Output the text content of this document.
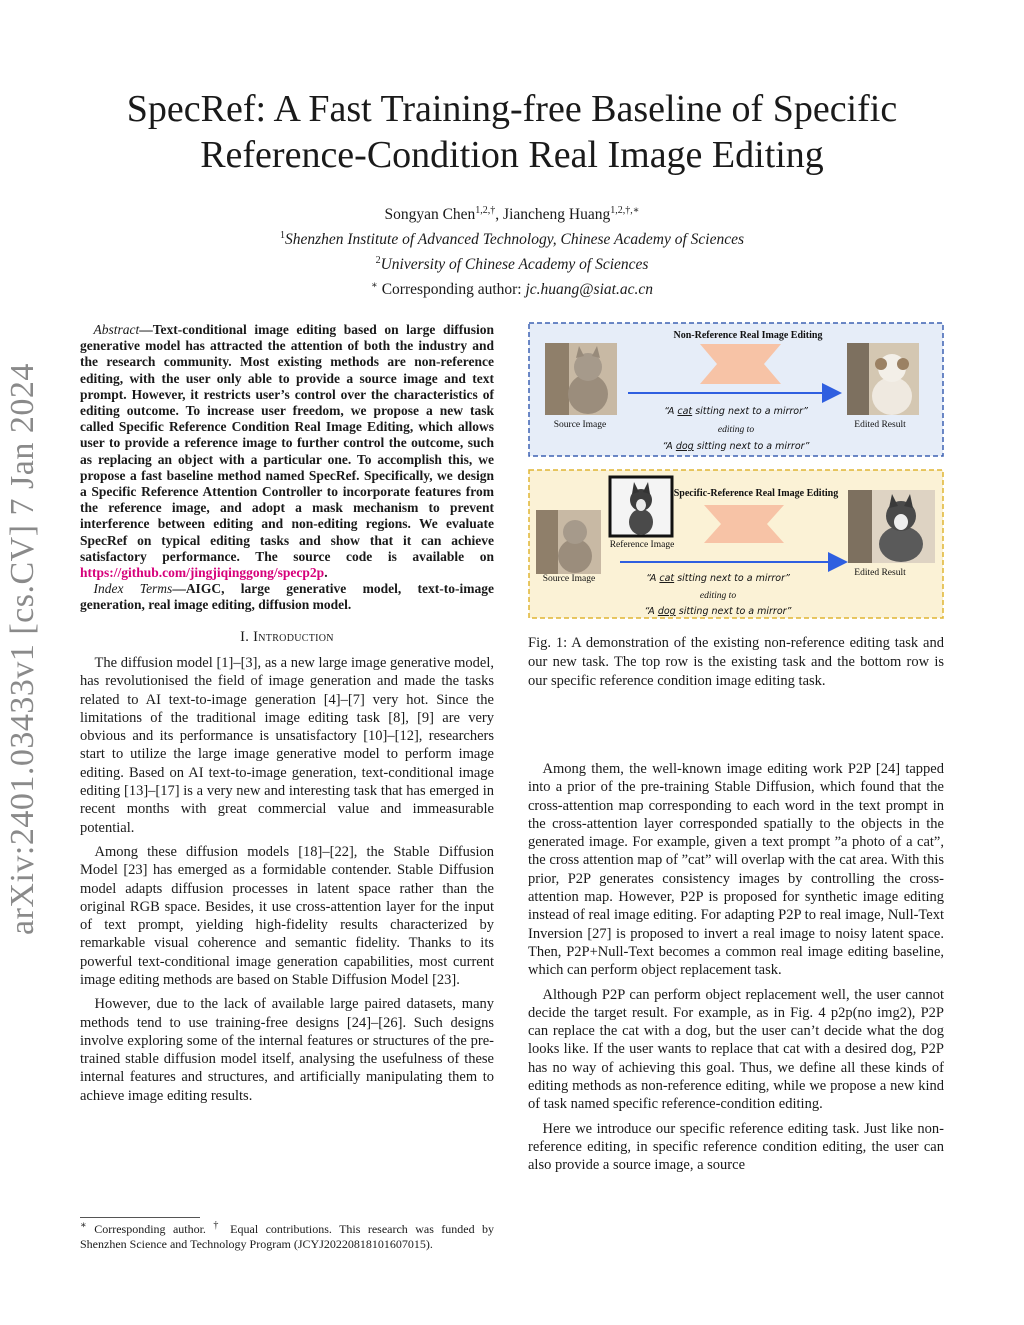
arXiv:2401.03433v1 [cs.CV] 7 Jan 2024
SpecRef: A Fast Training-free Baseline of Specific
Reference-Condition Real Image Editing
Songyan Chen$^{1,2,\dagger}$, Jiancheng Huang$^{1,2,\dagger,∗}$
$^1$Shenzhen Institute of Advanced Technology, Chinese Academy of Sciences
$^2$University of Chinese Academy of Sciences
∗ Corresponding author: jc.huang@siat.ac.cn

Abstract—Text-conditional image editing based on large diffusion generative model has attracted the attention of both the industry and the research community. Most existing methods are non-reference editing, with the user only able to provide a source image and text prompt. However, it restricts user’s control over the characteristics of editing outcome. To increase user freedom, we propose a new task called Specific Reference Condition Real Image Editing, which allows user to provide a reference image to further control the outcome, such as replacing an object with a particular one. To accomplish this, we propose a fast baseline method named SpecRef. Specifically, we design a Specific Reference Attention Controller to incorporate features from the reference image, and adopt a mask mechanism to prevent interference between editing and non-editing regions. We evaluate SpecRef on typical editing tasks and show that it can achieve satisfactory performance. The source code is available on https://github.com/jingjiqinggong/specp2p.

Index Terms—AIGC, large generative model, text-to-image generation, real image editing, diffusion model.

I. Introduction

The diffusion model [1]–[3], as a new large image generative model, has revolutionised the field of image generation and made the tasks related to AI text-to-image generation [4]–[7] very hot. Since the limitations of the traditional image editing task [8], [9] are very obvious and its performance is unsatisfactory [10]–[12], researchers start to utilize the large image generative model to perform image editing. Based on AI text-to-image generation, text-conditional image editing [13]–[17] is a very new and interesting task that has emerged in recent months with great commercial value and immeasurable potential.

Among these diffusion models [18]–[22], the Stable Diffusion Model [23] has emerged as a formidable contender. Stable Diffusion model adapts diffusion processes in latent space rather than the original RGB space. Besides, it use cross-attention layer for the input of text prompt, yielding high-fidelity results characterized by remarkable visual coherence and semantic fidelity. Thanks to its powerful text-conditional image generation capabilities, most current image editing methods are based on Stable Diffusion Model [23].

However, due to the lack of available large paired datasets, many methods tend to use training-free designs [24]–[26]. Such designs involve exploring some of the internal features or structures of the pre-trained stable diffusion model itself, analysing the usefulness of these internal features and structures, and artificially manipulating them to achieve image editing results.

∗ Corresponding author. † Equal contributions. This research was funded by Shenzhen Science and Technology Program (JCYJ20220818101607015).
Non-Reference Real Image Editing
Source Image	Edited Result
“A cat sitting next to a mirror”
editing to
“A dog sitting next to a mirror”
Specific-Reference Real Image Editing
Reference Image
Source Image
Edited Result
“A cat sitting next to a mirror”
editing to
“A dog sitting next to a mirror”
Fig. 1: A demonstration of the existing non-reference editing task and our new task. The top row is the existing task and the bottom row is our specific reference condition image editing task.

Among them, the well-known image editing work P2P [24] tapped into a prior of the pre-training Stable Diffusion, which found that the cross-attention map corresponding to each word in the text prompt in the cross-attention layer corresponded spatially to the objects in the generated image. For example, given a text prompt ”a photo of a cat”, the cross attention map of ”cat” will overlap with the cat area. With this prior, P2P generates consistency images by controlling the cross-attention map. However, P2P is proposed for synthetic image editing instead of real image editing. For adapting P2P to real image, Null-Text Inversion [27] is proposed to invert a real image to noisy latent space. Then, P2P+Null-Text becomes a common real image editing baseline, which can perform object replacement task.

Although P2P can perform object replacement well, the user cannot decide the target result. For example, as in Fig. 4 p2p(no img2), P2P can replace the cat with a dog, but the user can’t decide what the dog looks like. If the user wants to replace that cat with a desired dog, P2P has no way of achieving this goal. Thus, we define all these kinds of editing methods as non-reference editing, while we propose a new kind of task named specific reference-condition editing.

Here we introduce our specific reference editing task. Just like non-reference editing, in specific reference condition editing, the user can also provide a source image, a source
